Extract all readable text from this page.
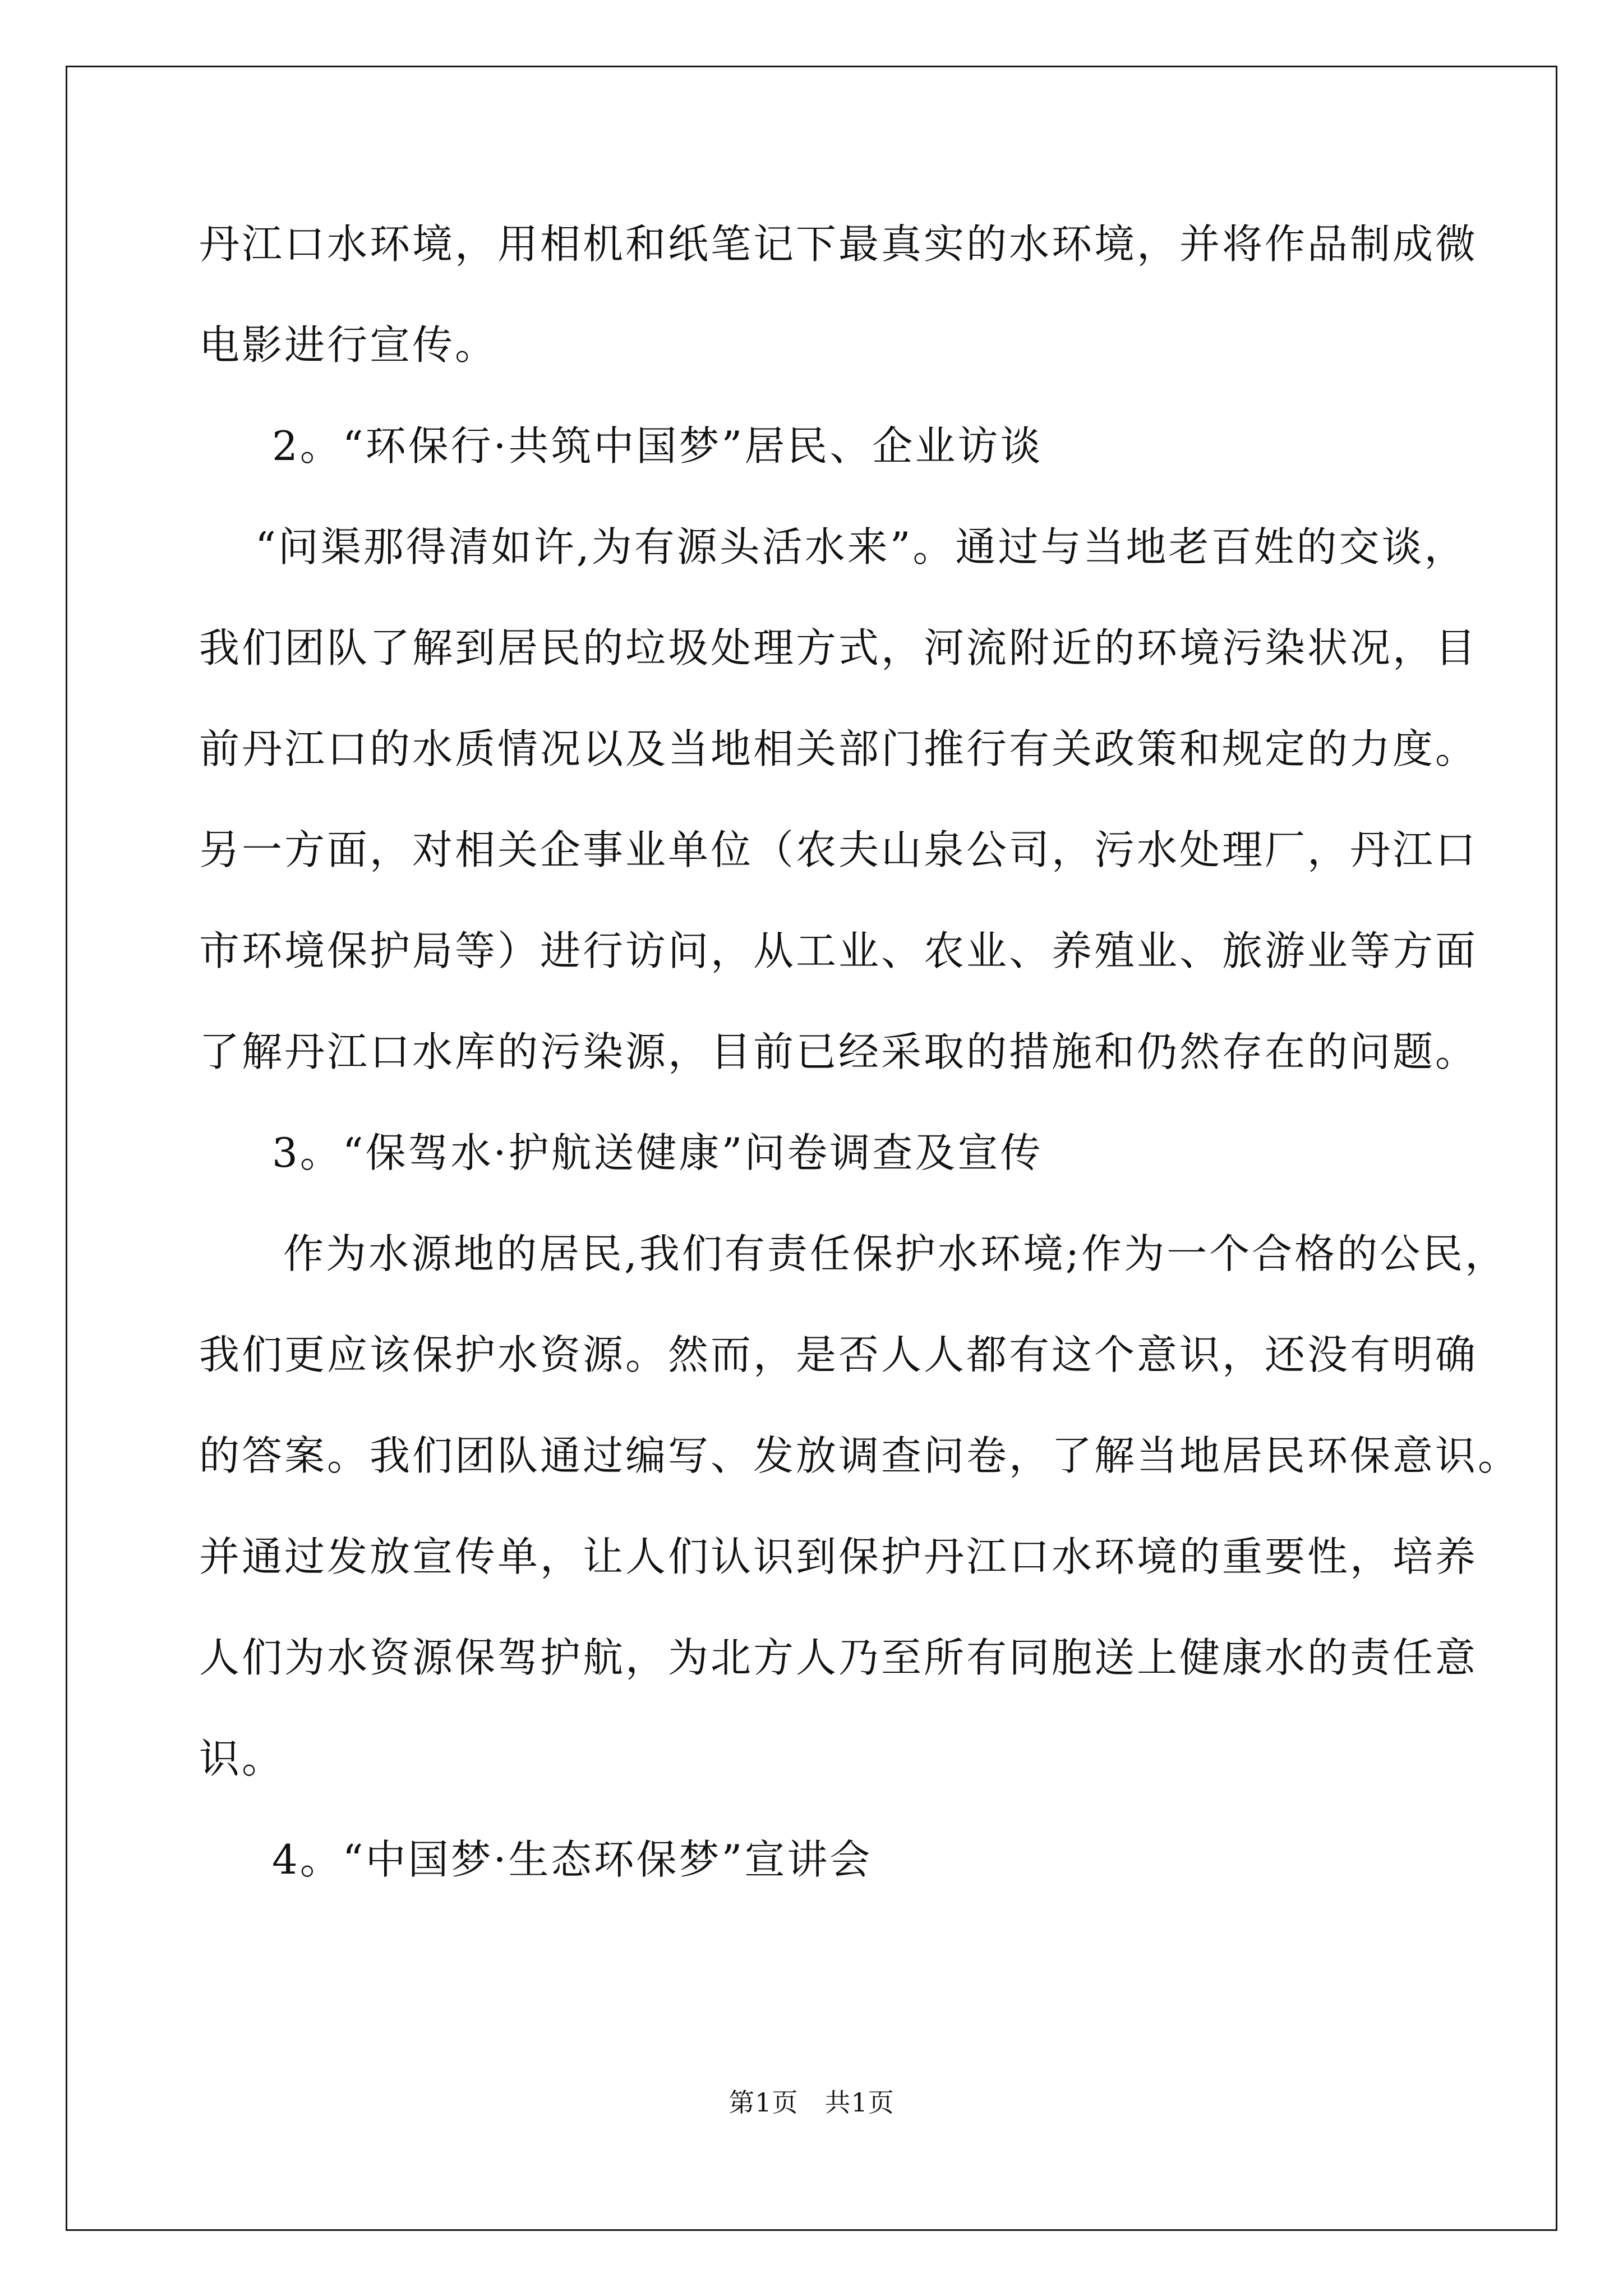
丹江口水环境，用相机和纸笔记下最真实的水环境，并将作品制成微
电影进行宣传。
2。“环保行·共筑中国梦”居民、企业访谈
“问渠那得清如许,为有源头活水来”。通过与当地老百姓的交谈，
我们团队了解到居民的垃圾处理方式，河流附近的环境污染状况，目
前丹江口的水质情况以及当地相关部门推行有关政策和规定的力度。
另一方面，对相关企事业单位（农夫山泉公司，污水处理厂，丹江口
市环境保护局等）进行访问，从工业、农业、养殖业、旅游业等方面
了解丹江口水库的污染源，目前已经采取的措施和仍然存在的问题。
3。“保驾水·护航送健康”问卷调查及宣传
作为水源地的居民,我们有责任保护水环境;作为一个合格的公民，
我们更应该保护水资源。然而，是否人人都有这个意识，还没有明确
的答案。我们团队通过编写、发放调查问卷，了解当地居民环保意识。
并通过发放宣传单，让人们认识到保护丹江口水环境的重要性，培养
人们为水资源保驾护航，为北方人乃至所有同胞送上健康水的责任意
识。
4。“中国梦·生态环保梦”宣讲会
第1页　共1页
